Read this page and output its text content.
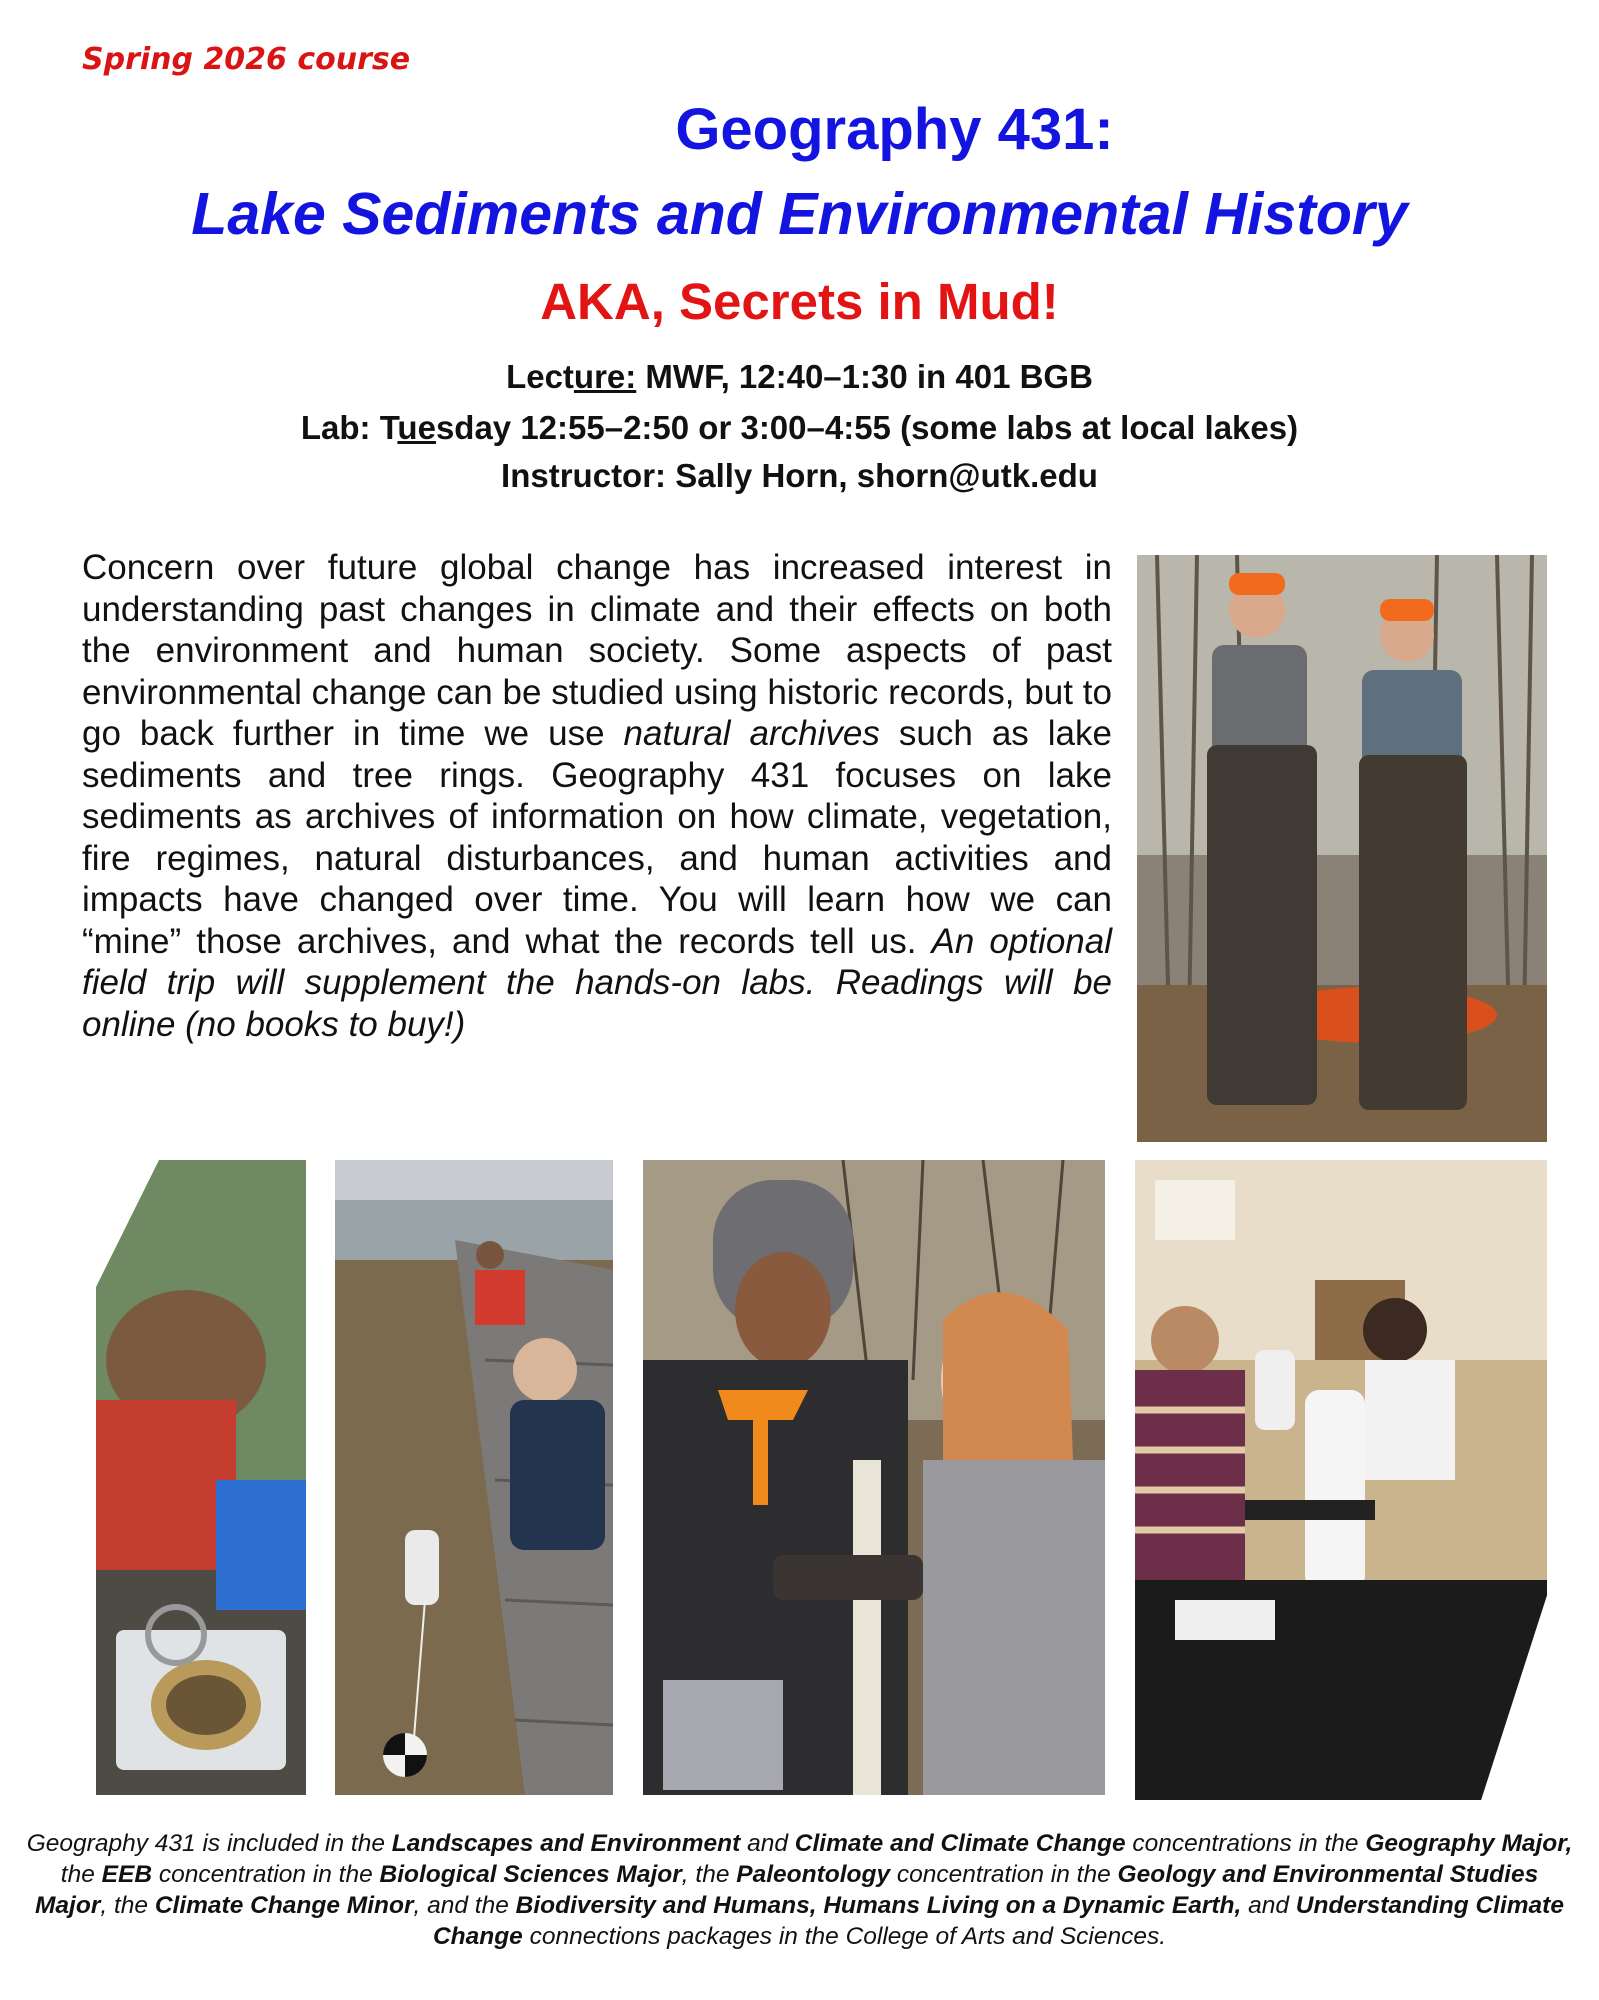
Spring 2026 course
Geography 431:
Lake Sediments and Environmental History
AKA, Secrets in Mud!
Lecture: MWF, 12:40–1:30 in 401 BGB
Lab: Tuesday 12:55–2:50 or 3:00–4:55 (some labs at local lakes)
Instructor: Sally Horn, shorn@utk.edu
Concern over future global change has increased interest in understanding past changes in climate and their effects on both the environment and human society. Some aspects of past environmental change can be studied using historic records, but to go back further in time we use natural archives such as lake sediments and tree rings. Geography 431 focuses on lake sediments as archives of information on how climate, vegetation, fire regimes, natural disturbances, and human activities and impacts have changed over time. You will learn how we can “mine” those archives, and what the records tell us. An optional field trip will supplement the hands-on labs. Readings will be online (no books to buy!)
Geography 431 is included in the Landscapes and Environment and Climate and Climate Change concentrations in the Geography Major, the EEB concentration in the Biological Sciences Major, the Paleontology concentration in the Geology and Environmental Studies Major, the Climate Change Minor, and the Biodiversity and Humans, Humans Living on a Dynamic Earth, and Understanding Climate Change connections packages in the College of Arts and Sciences.
